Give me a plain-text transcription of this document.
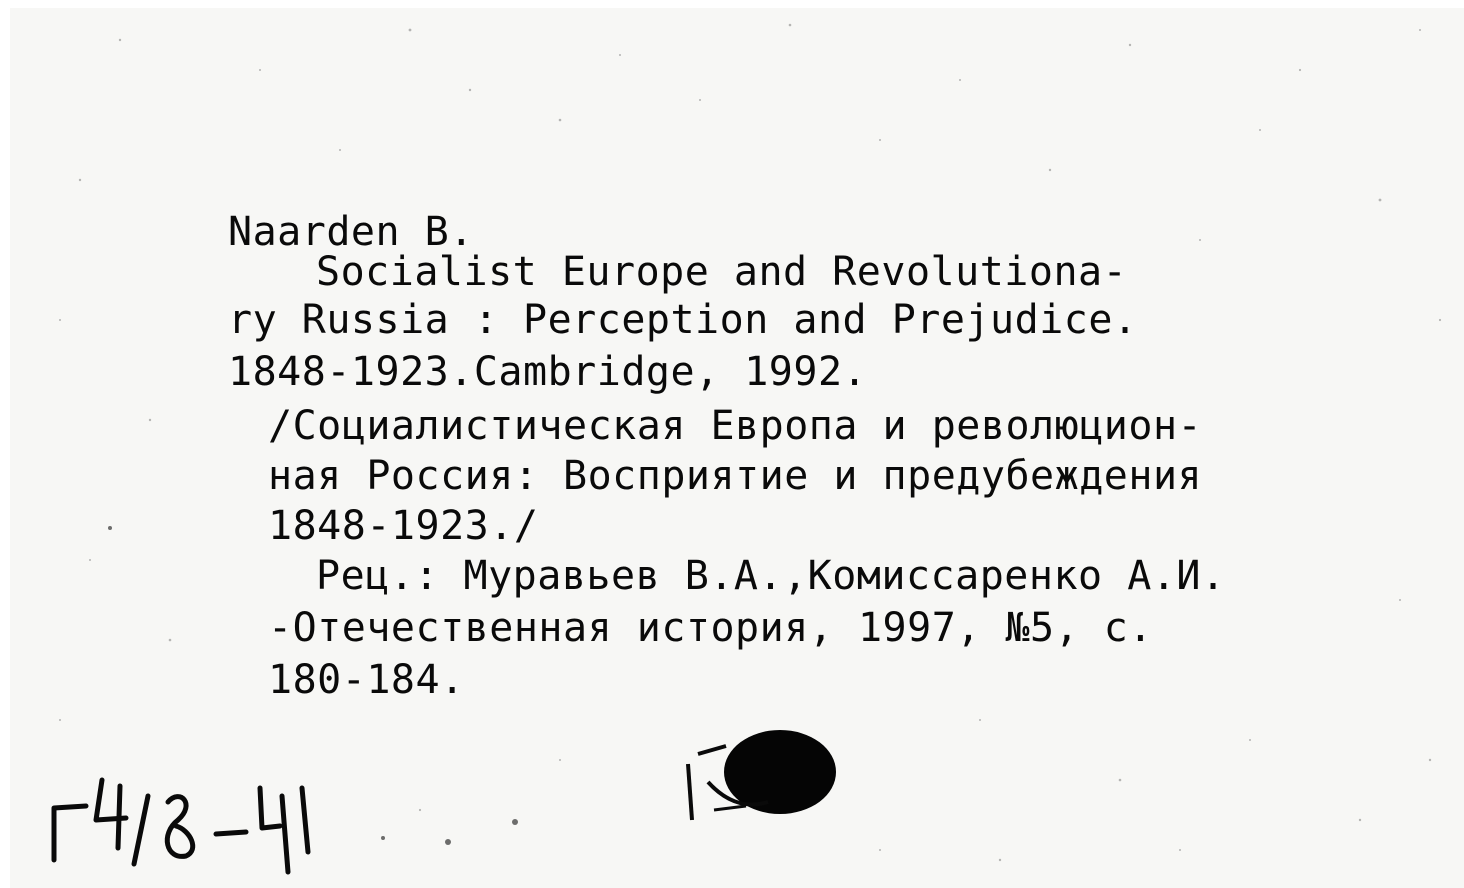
Naarden B.
Socialist Europe and Revolutiona-
ry Russia : Perception and Prejudice.
1848-1923.Cambridge, 1992.
/Социалистическая Европа и революцион-
ная Россия: Восприятие и предубеждения
1848-1923./
Рец.: Муравьев В.А.,Комиссаренко А.И.
-Отечественная история, 1997, №5, с.
180-184.
